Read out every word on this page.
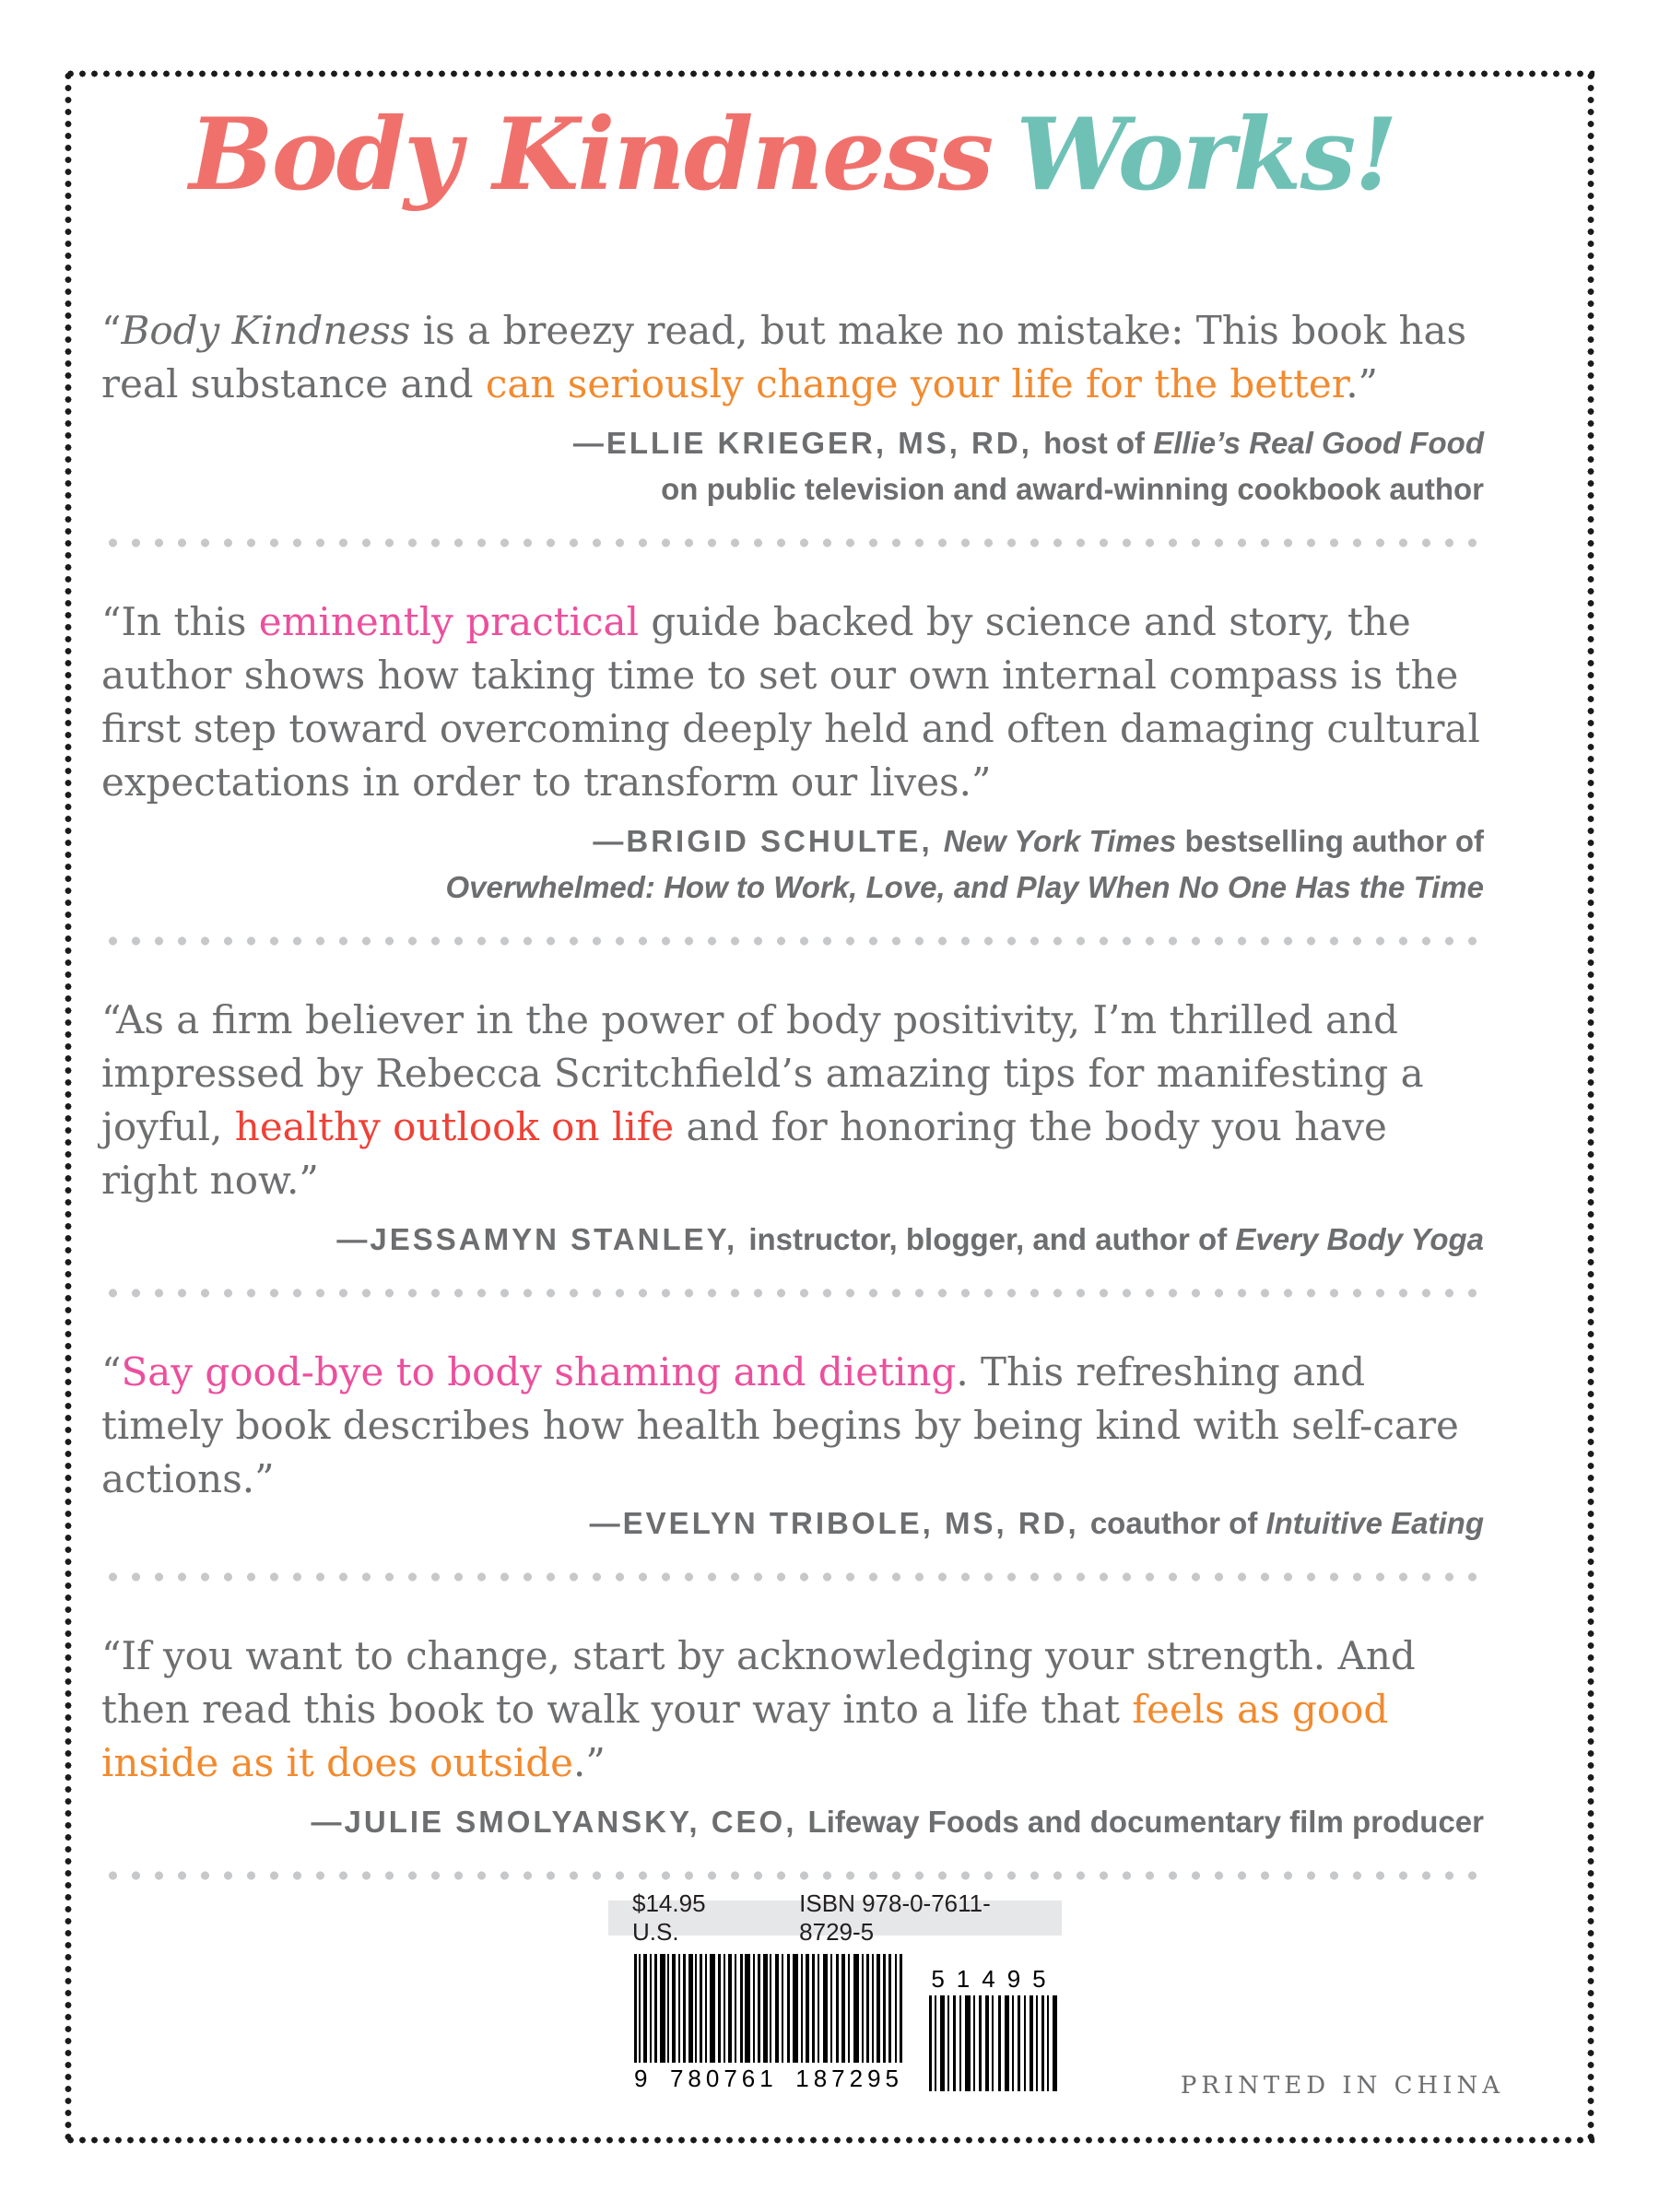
Body Kindness Works!

“Body Kindness is a breezy read, but make no mistake: This book has real substance and can seriously change your life for the better.”

—ELLIE KRIEGER, MS, RD, host of Ellie’s Real Good Food
on public television and award-winning cookbook author

“In this eminently practical guide backed by science and story, the author shows how taking time to set our own internal compass is the first step toward overcoming deeply held and often damaging cultural expectations in order to transform our lives.”

—BRIGID SCHULTE, New York Times bestselling author of
Overwhelmed: How to Work, Love, and Play When No One Has the Time

“As a firm believer in the power of body positivity, I’m thrilled and impressed by Rebecca Scritchfield’s amazing tips for manifesting a joyful, healthy outlook on life and for honoring the body you have right now.”

—JESSAMYN STANLEY, instructor, blogger, and author of Every Body Yoga

“Say good-bye to body shaming and dieting. This refreshing and timely book describes how health begins by being kind with self-care actions.”

—EVELYN TRIBOLE, MS, RD, coauthor of Intuitive Eating

“If you want to change, start by acknowledging your strength. And then read this book to walk your way into a life that feels as good inside as it does outside.”

—JULIE SMOLYANSKY, CEO, Lifeway Foods and documentary film producer
$14.95 U.S.
ISBN 978-0-7611-8729-5
9 780761 187295
51495
PRINTED IN CHINA
